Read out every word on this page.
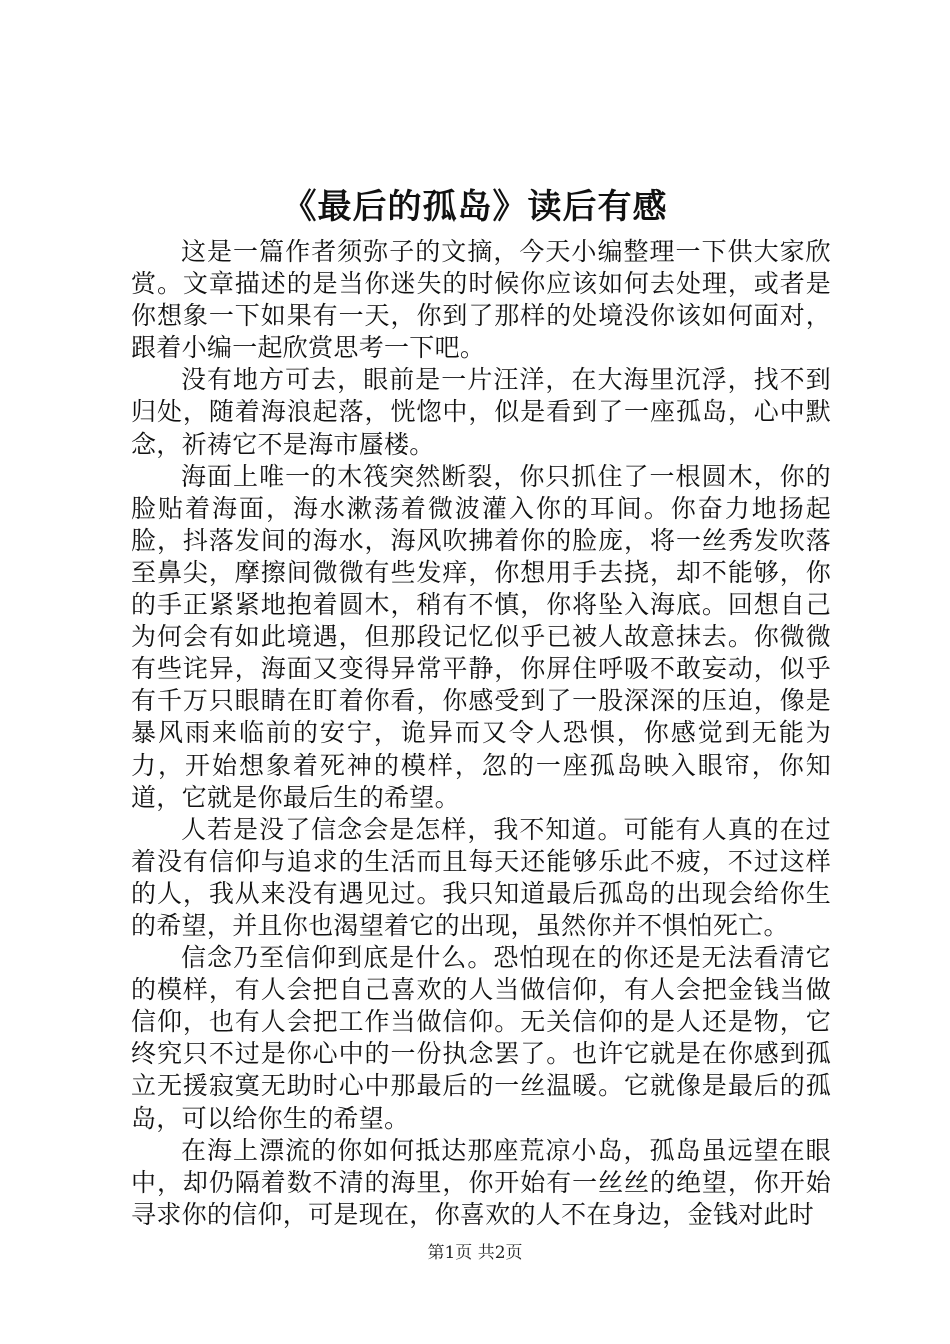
《最后的孤岛》读后有感

这是一篇作者须弥子的文摘，今天小编整理一下供大家欣赏。文章描述的是当你迷失的时候你应该如何去处理，或者是你想象一下如果有一天，你到了那样的处境没你该如何面对，跟着小编一起欣赏思考一下吧。

没有地方可去，眼前是一片汪洋，在大海里沉浮，找不到归处，随着海浪起落，恍惚中，似是看到了一座孤岛，心中默念，祈祷它不是海市蜃楼。

海面上唯一的木筏突然断裂，你只抓住了一根圆木，你的脸贴着海面，海水漱荡着微波灌入你的耳间。你奋力地扬起脸，抖落发间的海水，海风吹拂着你的脸庞，将一丝秀发吹落至鼻尖，摩擦间微微有些发痒，你想用手去挠，却不能够，你的手正紧紧地抱着圆木，稍有不慎，你将坠入海底。回想自己为何会有如此境遇，但那段记忆似乎已被人故意抹去。你微微有些诧异，海面又变得异常平静，你屏住呼吸不敢妄动，似乎有千万只眼睛在盯着你看，你感受到了一股深深的压迫，像是暴风雨来临前的安宁，诡异而又令人恐惧，你感觉到无能为力，开始想象着死神的模样，忽的一座孤岛映入眼帘，你知道，它就是你最后生的希望。

人若是没了信念会是怎样，我不知道。可能有人真的在过着没有信仰与追求的生活而且每天还能够乐此不疲，不过这样的人，我从来没有遇见过。我只知道最后孤岛的出现会给你生的希望，并且你也渴望着它的出现，虽然你并不惧怕死亡。

信念乃至信仰到底是什么。恐怕现在的你还是无法看清它的模样，有人会把自己喜欢的人当做信仰，有人会把金钱当做信仰，也有人会把工作当做信仰。无关信仰的是人还是物，它终究只不过是你心中的一份执念罢了。也许它就是在你感到孤立无援寂寞无助时心中那最后的一丝温暖。它就像是最后的孤岛，可以给你生的希望。

在海上漂流的你如何抵达那座荒凉小岛，孤岛虽远望在眼中，却仍隔着数不清的海里，你开始有一丝丝的绝望，你开始寻求你的信仰，可是现在，你喜欢的人不在身边，金钱对此时

第1页 共2页
